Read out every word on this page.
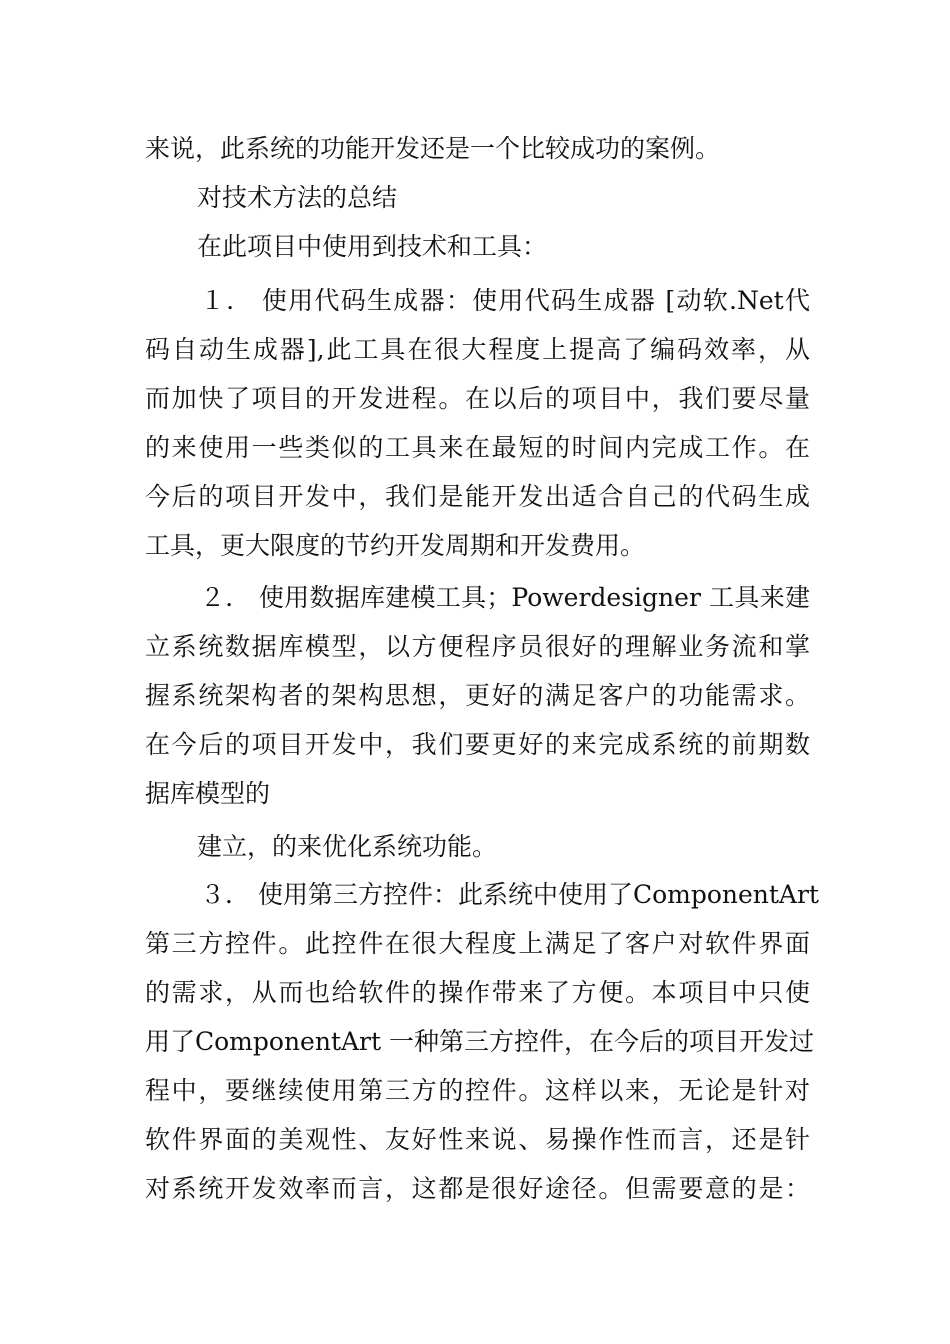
来说，此系统的功能开发还是一个比较成功的案例。
对技术方法的总结
在此项目中使用到技术和工具：
１． 使用代码生成器：使用代码生成器 [动软.Net代
码自动生成器],此工具在很大程度上提高了编码效率，从
而加快了项目的开发进程。在以后的项目中，我们要尽量
的来使用一些类似的工具来在最短的时间内完成工作。在
今后的项目开发中，我们是能开发出适合自己的代码生成
工具，更大限度的节约开发周期和开发费用。
２． 使用数据库建模工具；Powerdesigner 工具来建
立系统数据库模型，以方便程序员很好的理解业务流和掌
握系统架构者的架构思想，更好的满足客户的功能需求。
在今后的项目开发中，我们要更好的来完成系统的前期数
据库模型的
建立，的来优化系统功能。
３． 使用第三方控件：此系统中使用了ComponentArt
第三方控件。此控件在很大程度上满足了客户对软件界面
的需求，从而也给软件的操作带来了方便。本项目中只使
用了ComponentArt 一种第三方控件，在今后的项目开发过
程中，要继续使用第三方的控件。这样以来，无论是针对
软件界面的美观性、友好性来说、易操作性而言，还是针
对系统开发效率而言，这都是很好途径。但需要意的是：
